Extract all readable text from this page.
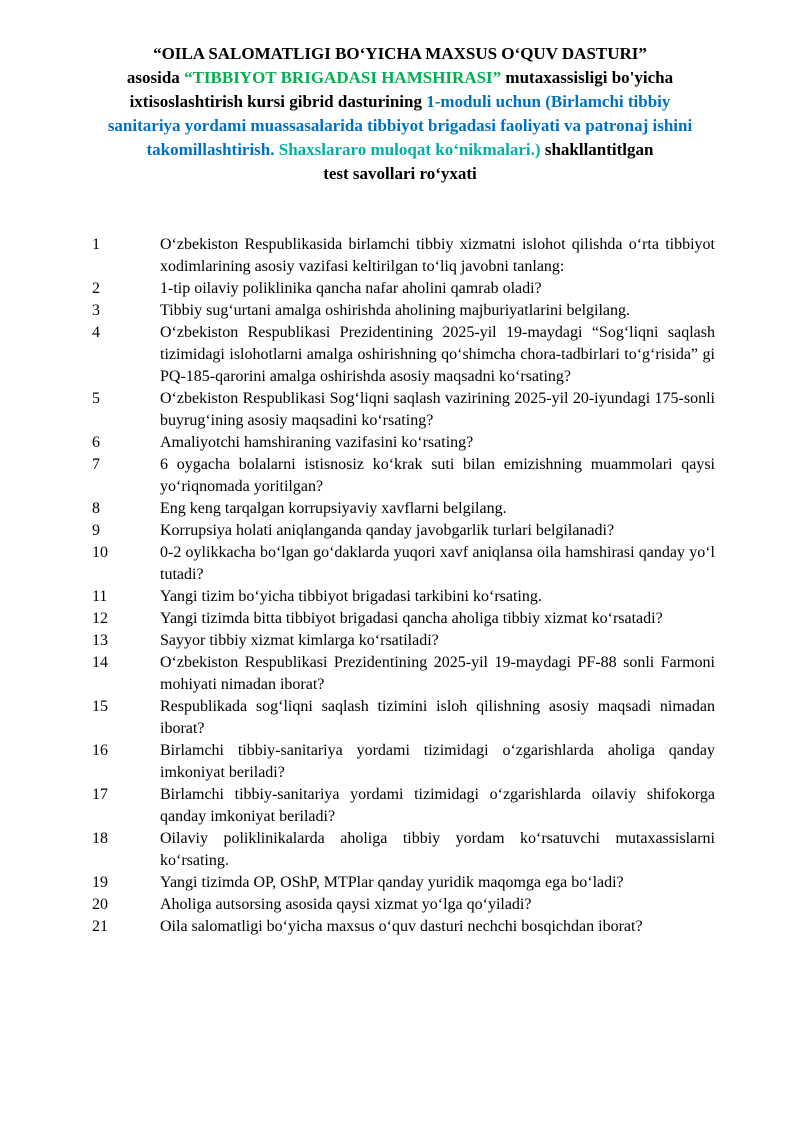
“OILA SALOMATLIGI BO‘YICHA MAXSUS O‘QUV DASTURI”
asosida “TIBBIYOT BRIGADASI HAMSHIRASI” mutaxassisligi bo'yicha
ixtisoslashtirish kursi gibrid dasturining 1-moduli uchun (Birlamchi tibbiy
sanitariya yordami muassasalarida tibbiyot brigadasi faoliyati va patronaj ishini
takomillashtirish. Shaxslararo muloqat ko‘nikmalari.) shakllantitlgan
test savollari ro‘yxati
1	O‘zbekiston Respublikasida birlamchi tibbiy xizmatni islohot qilishda o‘rta tibbiyot xodimlarining asosiy vazifasi keltirilgan to‘liq javobni tanlang:
2	1-tip oilaviy poliklinika qancha nafar aholini qamrab oladi?
3	Tibbiy sug‘urtani amalga oshirishda aholining majburiyatlarini belgilang.
4	O‘zbekiston Respublikasi Prezidentining 2025-yil 19-maydagi “Sog‘liqni saqlash tizimidagi islohotlarni amalga oshirishning qo‘shimcha chora-tadbirlari to‘g‘risida” gi PQ-185-qarorini amalga oshirishda asosiy maqsadni ko‘rsating?
5	O‘zbekiston Respublikasi Sog‘liqni saqlash vazirining 2025-yil 20-iyundagi 175-sonli buyrug‘ining asosiy maqsadini ko‘rsating?
6	Amaliyotchi hamshiraning vazifasini ko‘rsating?
7	6 oygacha bolalarni istisnosiz ko‘krak suti bilan emizishning muammolari qaysi yo‘riqnomada yoritilgan?
8	Eng keng tarqalgan korrupsiyaviy xavflarni belgilang.
9	Korrupsiya holati aniqlanganda qanday javobgarlik turlari belgilanadi?
10	0-2 oylikkacha bo‘lgan go‘daklarda yuqori xavf aniqlansa oila hamshirasi qanday yo‘l tutadi?
11	Yangi tizim bo‘yicha tibbiyot brigadasi tarkibini ko‘rsating.
12	Yangi tizimda bitta tibbiyot brigadasi qancha aholiga tibbiy xizmat ko‘rsatadi?
13	Sayyor tibbiy xizmat kimlarga ko‘rsatiladi?
14	O‘zbekiston Respublikasi Prezidentining 2025-yil 19-maydagi PF-88 sonli Farmoni mohiyati nimadan iborat?
15	Respublikada sog‘liqni saqlash tizimini isloh qilishning asosiy maqsadi nimadan iborat?
16	Birlamchi tibbiy-sanitariya yordami tizimidagi o‘zgarishlarda aholiga qanday imkoniyat beriladi?
17	Birlamchi tibbiy-sanitariya yordami tizimidagi o‘zgarishlarda oilaviy shifokorga qanday imkoniyat beriladi?
18	Oilaviy poliklinikalarda aholiga tibbiy yordam ko‘rsatuvchi mutaxassislarni ko‘rsating.
19	Yangi tizimda OP, OShP, MTPlar qanday yuridik maqomga ega bo‘ladi?
20	Aholiga autsorsing asosida qaysi xizmat yo‘lga qo‘yiladi?
21	Oila salomatligi bo‘yicha maxsus o‘quv dasturi nechchi bosqichdan iborat?
